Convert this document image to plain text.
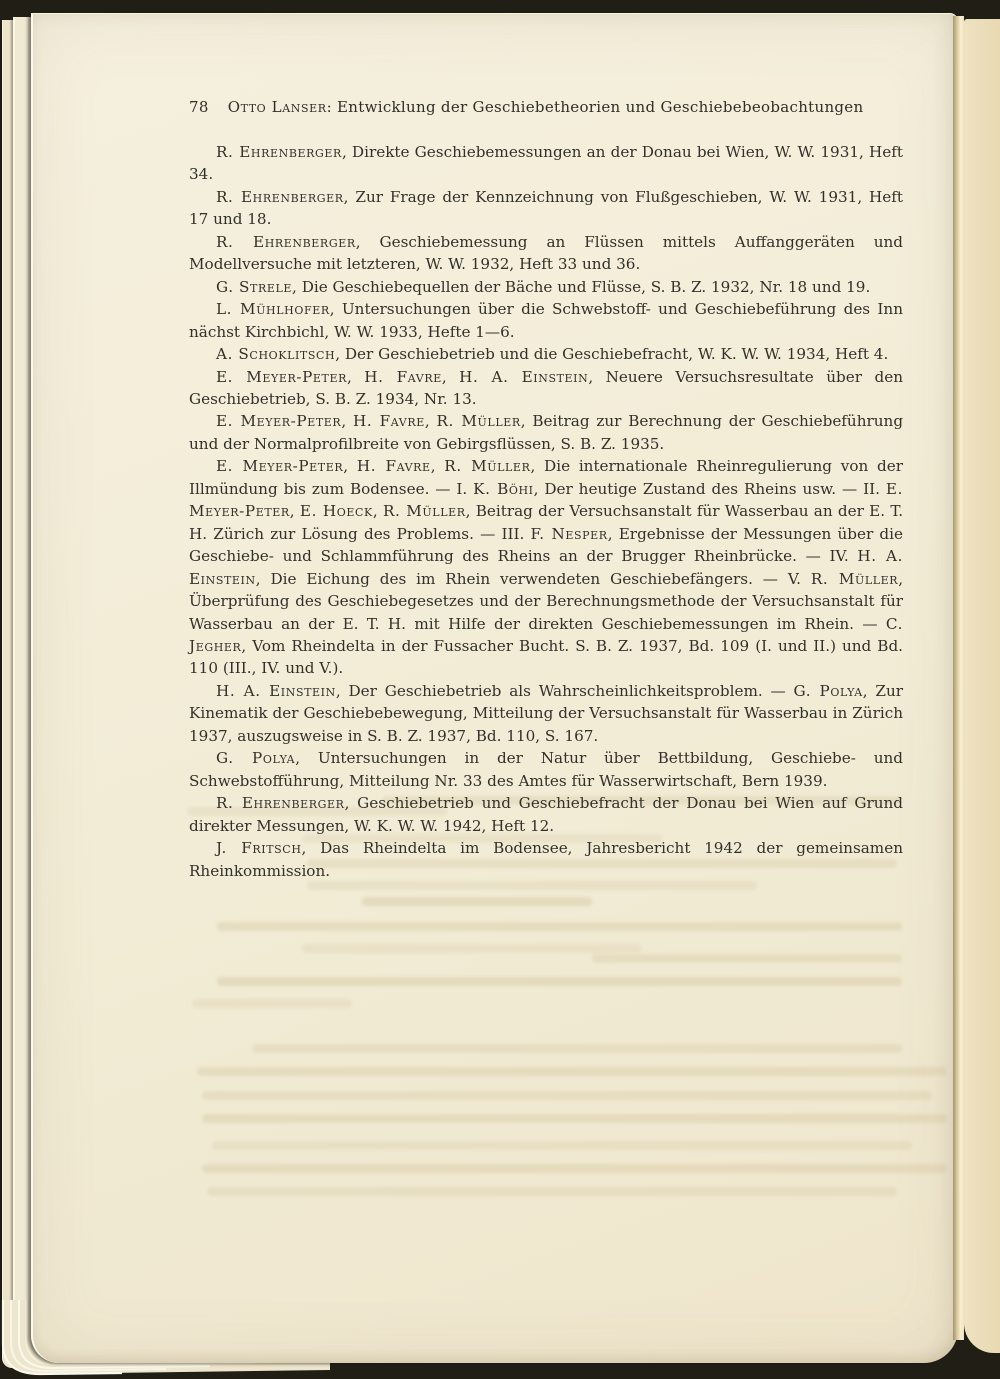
78 Otto Lanser: Entwicklung der Geschiebetheorien und Geschiebebeobachtungen

R. Ehrenberger, Direkte Geschiebemessungen an der Donau bei Wien, W. W. 1931, Heft 34.

R. Ehrenberger, Zur Frage der Kennzeichnung von Flußgeschieben, W. W. 1931, Heft 17 und 18.

R. Ehrenberger, Geschiebemessung an Flüssen mittels Auffanggeräten und Modellversuche mit letzteren, W. W. 1932, Heft 33 und 36.

G. Strele, Die Geschiebequellen der Bäche und Flüsse, S. B. Z. 1932, Nr. 18 und 19.

L. Mühlhofer, Untersuchungen über die Schwebstoff- und Geschiebeführung des Inn nächst Kirchbichl, W. W. 1933, Hefte 1—6.

A. Schoklitsch, Der Geschiebetrieb und die Geschiebefracht, W. K. W. W. 1934, Heft 4.

E. Meyer-Peter, H. Favre, H. A. Einstein, Neuere Versuchsresultate über den Geschiebetrieb, S. B. Z. 1934, Nr. 13.

E. Meyer-Peter, H. Favre, R. Müller, Beitrag zur Berechnung der Geschiebeführung und der Normalprofilbreite von Gebirgsflüssen, S. B. Z. 1935.

E. Meyer-Peter, H. Favre, R. Müller, Die internationale Rheinregulierung von der Illmündung bis zum Bodensee. — I. K. Böhi, Der heutige Zustand des Rheins usw. — II. E. Meyer-Peter, E. Hoeck, R. Müller, Beitrag der Versuchsanstalt für Wasserbau an der E. T. H. Zürich zur Lösung des Problems. — III. F. Nesper, Ergebnisse der Messungen über die Geschiebe- und Schlammführung des Rheins an der Brugger Rheinbrücke. — IV. H. A. Einstein, Die Eichung des im Rhein verwendeten Geschiebefängers. — V. R. Müller, Überprüfung des Geschiebegesetzes und der Berechnungsmethode der Versuchsanstalt für Wasserbau an der E. T. H. mit Hilfe der direkten Geschiebemessungen im Rhein. — C. Jegher, Vom Rheindelta in der Fussacher Bucht. S. B. Z. 1937, Bd. 109 (I. und II.) und Bd. 110 (III., IV. und V.).

H. A. Einstein, Der Geschiebetrieb als Wahrscheinlichkeitsproblem. — G. Polya, Zur Kinematik der Geschiebebewegung, Mitteilung der Versuchsanstalt für Wasserbau in Zürich 1937, auszugsweise in S. B. Z. 1937, Bd. 110, S. 167.

G. Polya, Untersuchungen in der Natur über Bettbildung, Geschiebe- und Schwebstofführung, Mitteilung Nr. 33 des Amtes für Wasserwirtschaft, Bern 1939.

R. Ehrenberger, Geschiebetrieb und Geschiebefracht der Donau bei Wien auf Grund direkter Messungen, W. K. W. W. 1942, Heft 12.

J. Fritsch, Das Rheindelta im Bodensee, Jahresbericht 1942 der gemeinsamen Rheinkommission.
